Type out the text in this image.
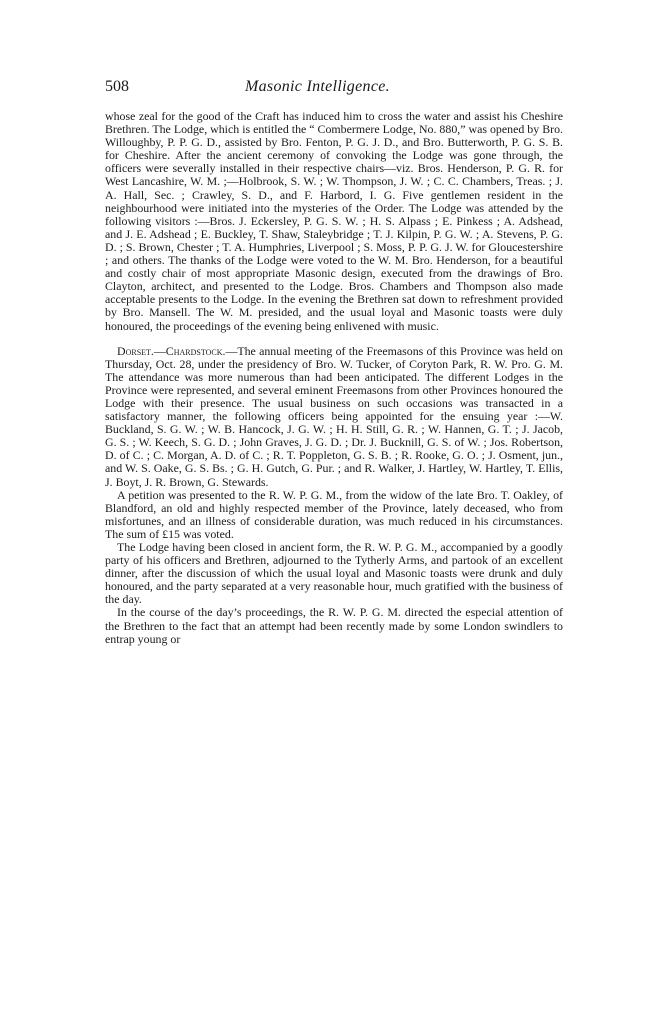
508	Masonic Intelligence.

whose zeal for the good of the Craft has induced him to cross the water and assist his Cheshire Brethren. The Lodge, which is entitled the “ Combermere Lodge, No. 880,” was opened by Bro. Willoughby, P. P. G. D., assisted by Bro. Fenton, P. G. J. D., and Bro. Butterworth, P. G. S. B. for Cheshire. After the ancient ceremony of convoking the Lodge was gone through, the officers were severally installed in their respective chairs—viz. Bros. Henderson, P. G. R. for West Lancashire, W. M. ;—Holbrook, S. W. ; W. Thompson, J. W. ; C. C. Chambers, Treas. ; J. A. Hall, Sec. ; Crawley, S. D., and F. Harbord, I. G. Five gentlemen resident in the neighbourhood were initiated into the mysteries of the Order. The Lodge was attended by the following visitors :—Bros. J. Eckersley, P. G. S. W. ; H. S. Alpass ; E. Pinkess ; A. Adshead, and J. E. Adshead ; E. Buckley, T. Shaw, Staleybridge ; T. J. Kilpin, P. G. W. ; A. Stevens, P. G. D. ; S. Brown, Chester ; T. A. Humphries, Liverpool ; S. Moss, P. P. G. J. W. for Gloucestershire ; and others. The thanks of the Lodge were voted to the W. M. Bro. Henderson, for a beautiful and costly chair of most appropriate Masonic design, executed from the drawings of Bro. Clayton, architect, and presented to the Lodge. Bros. Chambers and Thompson also made acceptable presents to the Lodge. In the evening the Brethren sat down to refreshment provided by Bro. Mansell. The W. M. presided, and the usual loyal and Masonic toasts were duly honoured, the proceedings of the evening being enlivened with music.

Dorset.—Chardstock.—The annual meeting of the Freemasons of this Province was held on Thursday, Oct. 28, under the presidency of Bro. W. Tucker, of Coryton Park, R. W. Pro. G. M. The attendance was more numerous than had been anticipated. The different Lodges in the Province were represented, and several eminent Freemasons from other Provinces honoured the Lodge with their presence. The usual business on such occasions was transacted in a satisfactory manner, the following officers being appointed for the ensuing year :—W. Buckland, S. G. W. ; W. B. Hancock, J. G. W. ; H. H. Still, G. R. ; W. Hannen, G. T. ; J. Jacob, G. S. ; W. Keech, S. G. D. ; John Graves, J. G. D. ; Dr. J. Bucknill, G. S. of W. ; Jos. Robertson, D. of C. ; C. Morgan, A. D. of C. ; R. T. Poppleton, G. S. B. ; R. Rooke, G. O. ; J. Osment, jun., and W. S. Oake, G. S. Bs. ; G. H. Gutch, G. Pur. ; and R. Walker, J. Hartley, W. Hartley, T. Ellis, J. Boyt, J. R. Brown, G. Stewards.

A petition was presented to the R. W. P. G. M., from the widow of the late Bro. T. Oakley, of Blandford, an old and highly respected member of the Province, lately deceased, who from misfortunes, and an illness of considerable duration, was much reduced in his circumstances. The sum of £15 was voted.

The Lodge having been closed in ancient form, the R. W. P. G. M., accompanied by a goodly party of his officers and Brethren, adjourned to the Tytherly Arms, and partook of an excellent dinner, after the discussion of which the usual loyal and Masonic toasts were drunk and duly honoured, and the party separated at a very reasonable hour, much gratified with the business of the day.

In the course of the day’s proceedings, the R. W. P. G. M. directed the especial attention of the Brethren to the fact that an attempt had been recently made by some London swindlers to entrap young or
